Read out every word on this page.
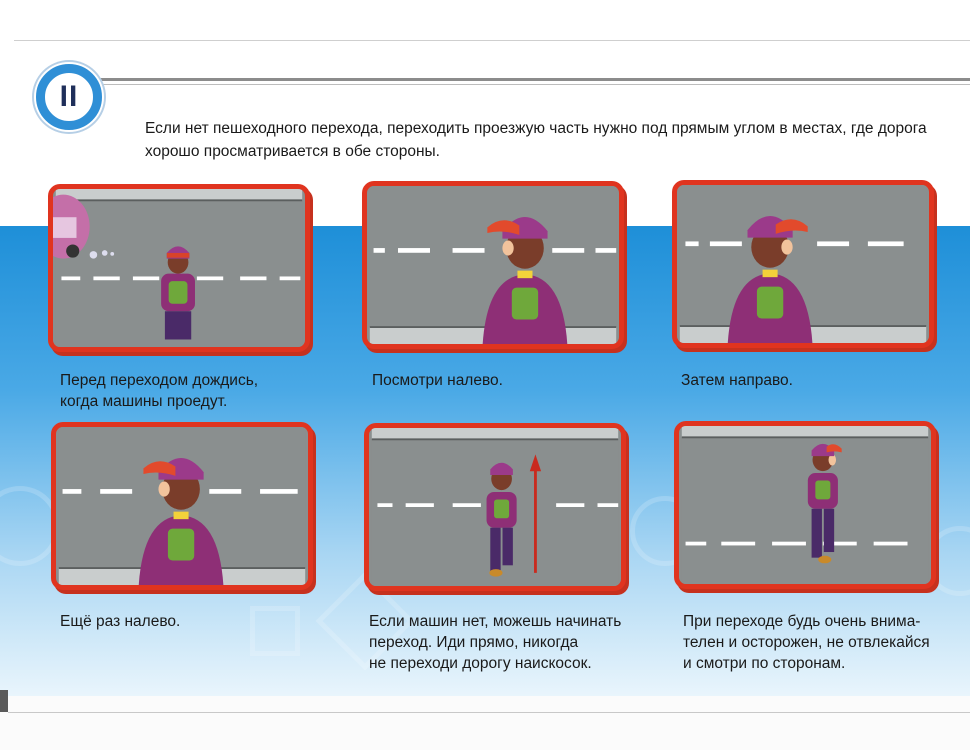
II
Если нет пешеходного перехода, переходить проезжую часть нужно под прямым углом в местах, где дорога хорошо просматривается в обе стороны.
Перед переходом дождись,
когда машины проедут.
Посмотри налево.	Затем направо.
Ещё раз налево.	Если машин нет, можешь начинать
переход. Иди прямо, никогда
не переходи дорогу наискосок.
При переходе будь очень внима-
телен и осторожен, не отвлекайся
и смотри по сторонам.
